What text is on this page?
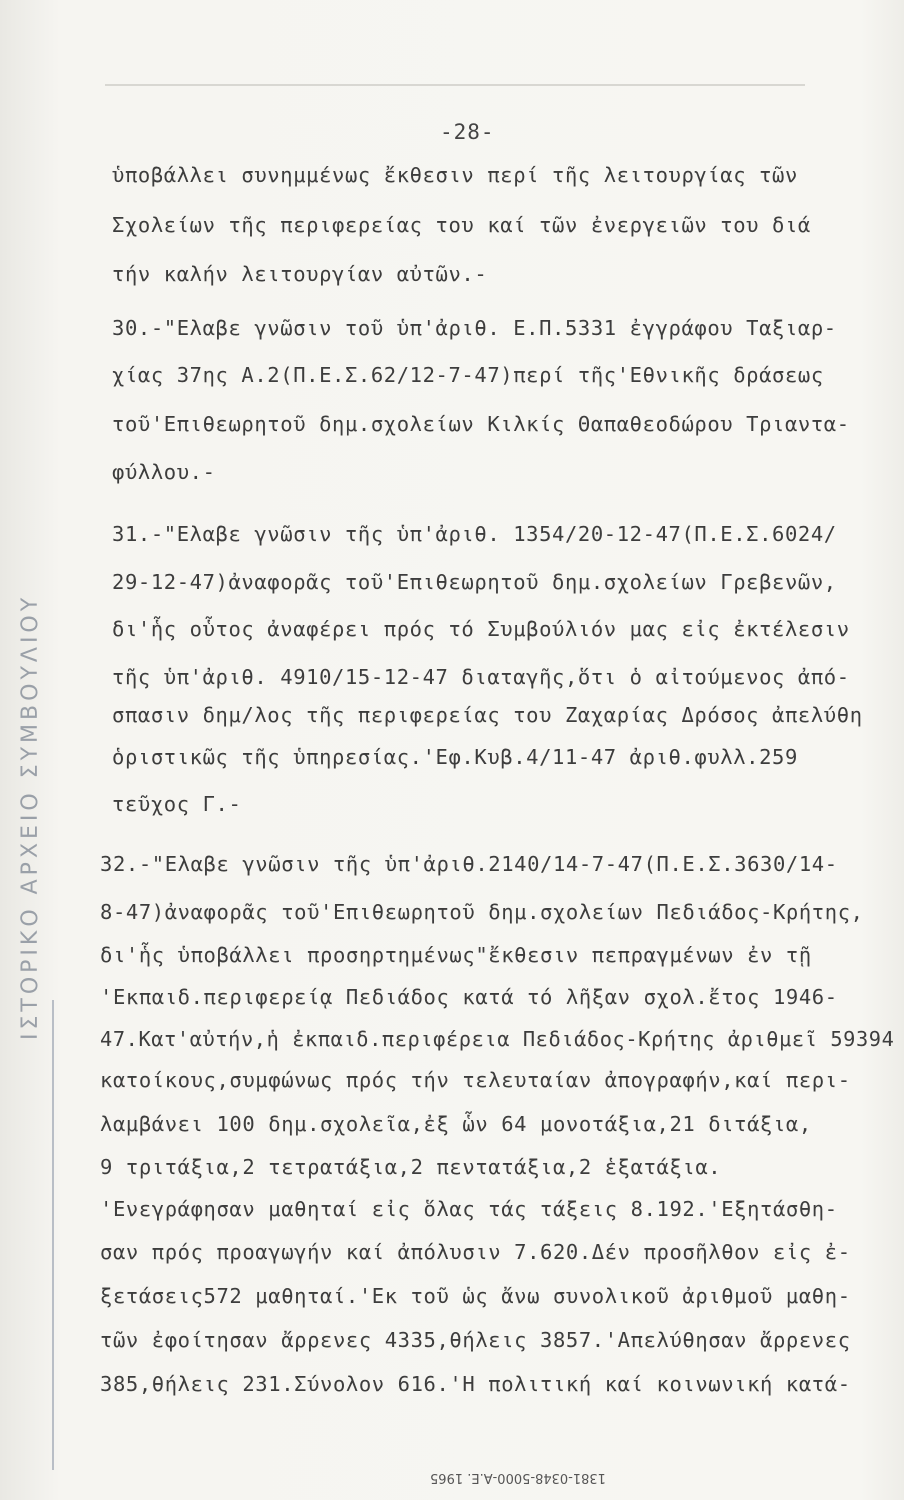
-28-
ὑποβάλλει συνημμένως ἔκθεσιν περί τῆς λειτουργίας τῶν
Σχολείων τῆς περιφερείας του καί τῶν ἐνεργειῶν του διά
τήν καλήν λειτουργίαν αὐτῶν.-
30.-"Ελαβε γνῶσιν τοῦ ὑπ'ἀριθ. Ε.Π.5331 ἐγγράφου Ταξιαρ-
χίας 37ης Α.2(Π.Ε.Σ.62/12-7-47)περί τῆς'Εθνικῆς δράσεως
τοῦ'Επιθεωρητοῦ δημ.σχολείων Κιλκίς Θαπαθεοδώρου Τριαντα-
φύλλου.-
31.-"Ελαβε γνῶσιν τῆς ὑπ'ἀριθ. 1354/20-12-47(Π.Ε.Σ.6024/
29-12-47)ἀναφορᾶς τοῦ'Επιθεωρητοῦ δημ.σχολείων Γρεβενῶν,
δι'ἧς οὗτος ἀναφέρει πρός τό Συμβούλιόν μας εἰς ἐκτέλεσιν
τῆς ὑπ'ἀριθ. 4910/15-12-47 διαταγῆς,ὅτι ὁ αἰτούμενος ἀπό-
σπασιν δημ/λος τῆς περιφερείας του Ζαχαρίας Δρόσος ἀπελύθη
ὁριστικῶς τῆς ὑπηρεσίας.'Εφ.Κυβ.4/11-47 ἀριθ.φυλλ.259
τεῦχος Γ.-
32.-"Ελαβε γνῶσιν τῆς ὑπ'ἀριθ.2140/14-7-47(Π.Ε.Σ.3630/14-
8-47)ἀναφορᾶς τοῦ'Επιθεωρητοῦ δημ.σχολείων Πεδιάδος-Κρήτης,
δι'ἧς ὑποβάλλει προσηρτημένως"ἔκθεσιν πεπραγμένων ἐν τῇ
'Εκπαιδ.περιφερείᾳ Πεδιάδος κατά τό λῆξαν σχολ.ἔτος 1946-
47.Κατ'αὐτήν,ἡ ἐκπαιδ.περιφέρεια Πεδιάδος-Κρήτης ἀριθμεῖ 59394
κατοίκους,συμφώνως πρός τήν τελευταίαν ἀπογραφήν,καί περι-
λαμβάνει 100 δημ.σχολεῖα,ἐξ ὧν 64 μονοτάξια,21 διτάξια,
9 τριτάξια,2 τετρατάξια,2 πεντατάξια,2 ἑξατάξια.
'Ενεγράφησαν μαθηταί εἰς ὅλας τάς τάξεις 8.192.'Εξητάσθη-
σαν πρός προαγωγήν καί ἀπόλυσιν 7.620.Δέν προσῆλθον εἰς ἐ-
ξετάσεις572 μαθηταί.'Εκ τοῦ ὡς ἄνω συνολικοῦ ἀριθμοῦ μαθη-
τῶν ἐφοίτησαν ἄρρενες 4335,θήλεις 3857.'Απελύθησαν ἄρρενες
385,θήλεις 231.Σύνολον 616.'Η πολιτική καί κοινωνική κατά-
ΙΣΤΟΡΙΚΟ ΑΡΧΕΙΟ ΣΥΜΒΟΥΛΙΟΥ
1381-0348-5000-Α.Ε. 1965
